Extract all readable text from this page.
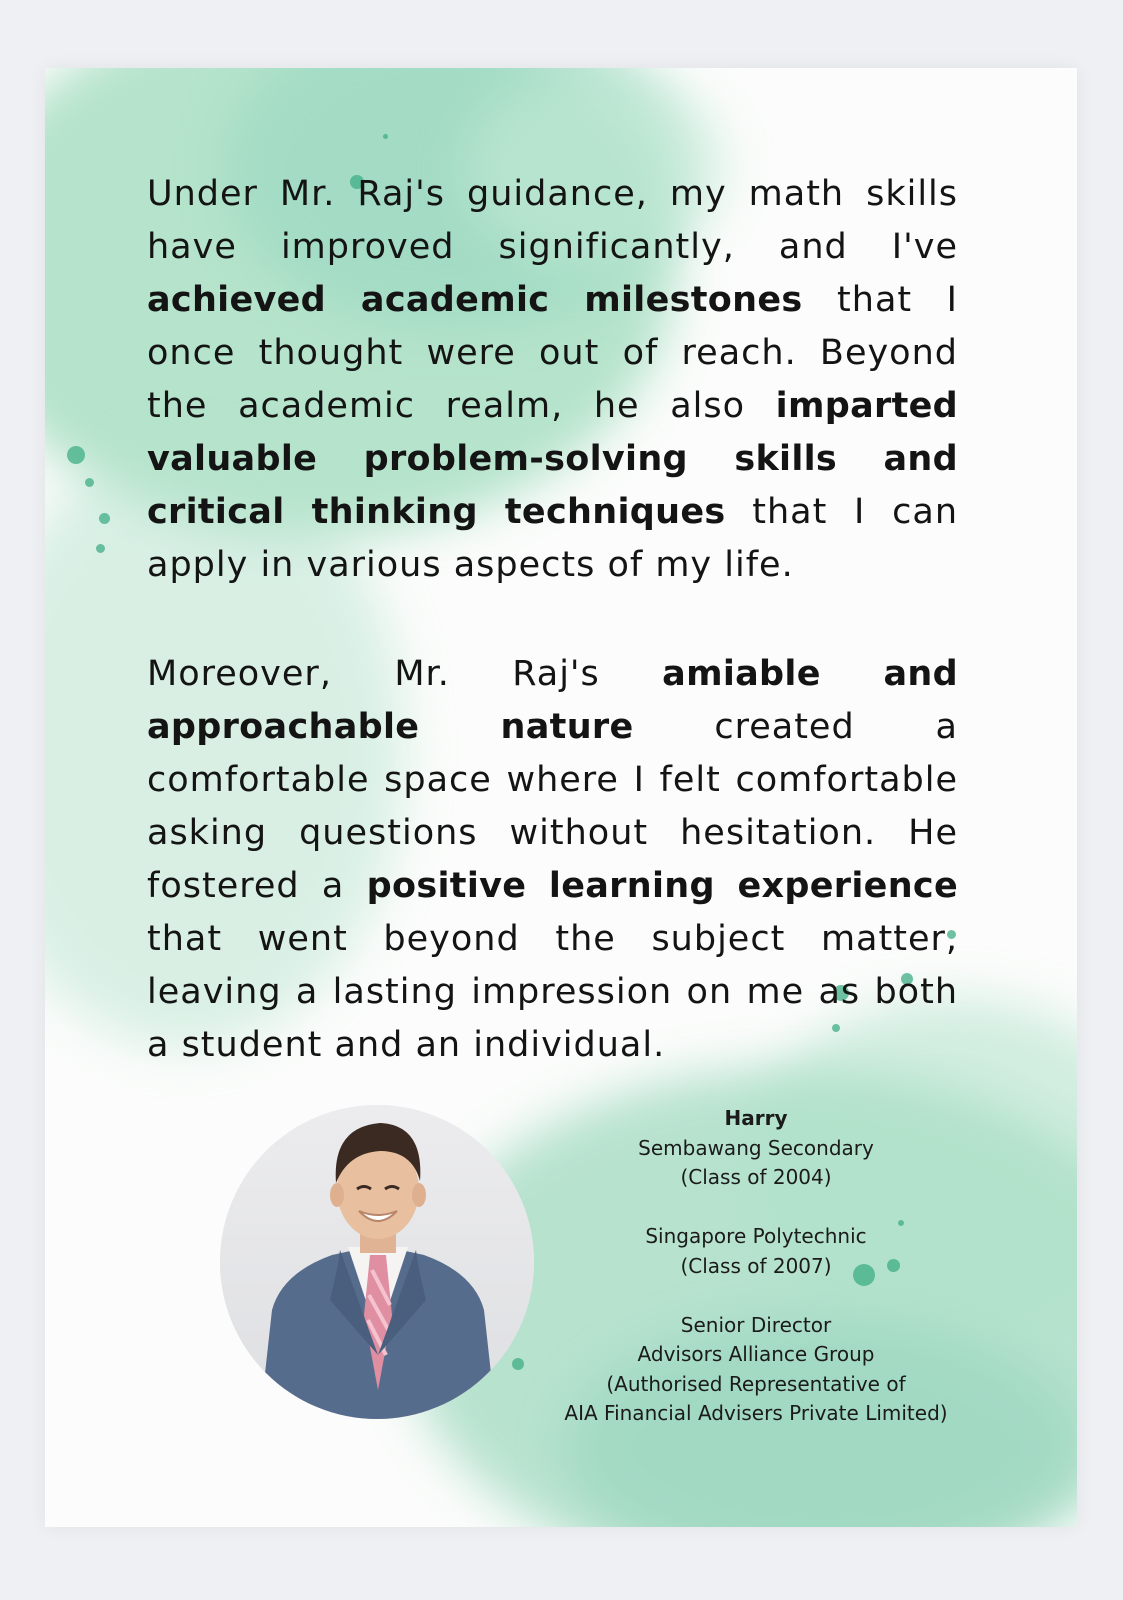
Under Mr. Raj's guidance, my math skills have improved significantly, and I've achieved academic milestones that I once thought were out of reach. Beyond the academic realm, he also imparted valuable problem-solving skills and critical thinking techniques that I can apply in various aspects of my life.

Moreover, Mr. Raj's amiable and approachable nature created a comfortable space where I felt comfortable asking questions without hesitation. He fostered a positive learning experience that went beyond the subject matter, leaving a lasting impression on me as both a student and an individual.

Harry
Sembawang Secondary
(Class of 2004)
Singapore Polytechnic
(Class of 2007)
Senior Director
Advisors Alliance Group
(Authorised Representative of
AIA Financial Advisers Private Limited)
